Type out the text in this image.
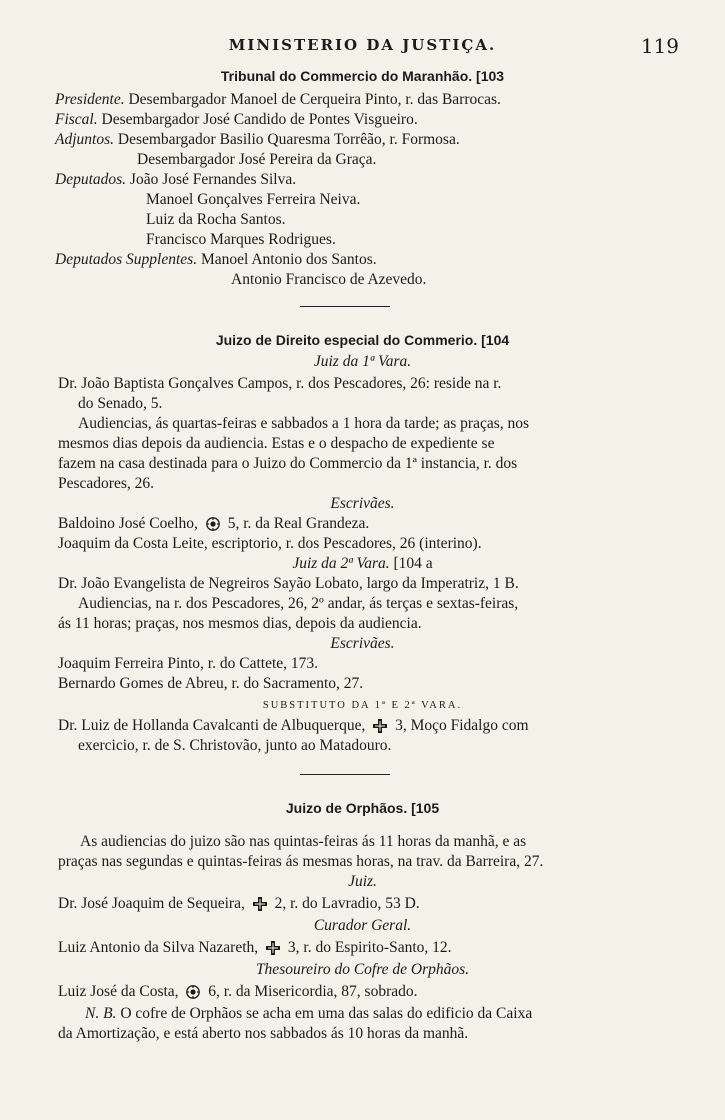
MINISTERIO DA JUSTIÇA.	119
Tribunal do Commercio do Maranhão. [103
Presidente. Desembargador Manoel de Cerqueira Pinto, r. das Barrocas.
Fiscal. Desembargador José Candido de Pontes Visgueiro.
Adjuntos. Desembargador Basilio Quaresma Torrêão, r. Formosa.
Desembargador José Pereira da Graça.
Deputados. João José Fernandes Silva.
Manoel Gonçalves Ferreira Neiva.
Luiz da Rocha Santos.
Francisco Marques Rodrigues.
Deputados Supplentes. Manoel Antonio dos Santos.
Antonio Francisco de Azevedo.
Juizo de Direito especial do Commerio. [104
Juiz da 1ª Vara.
Dr. João Baptista Gonçalves Campos, r. dos Pescadores, 26: reside na r.
do Senado, 5.
Audiencias, ás quartas-feiras e sabbados a 1 hora da tarde; as praças, nos
mesmos dias depois da audiencia. Estas e o despacho de expediente se
fazem na casa destinada para o Juizo do Commercio da 1ª instancia, r. dos
Pescadores, 26.
Escrivães.
Baldoino José Coelho, 5, r. da Real Grandeza.
Joaquim da Costa Leite, escriptorio, r. dos Pescadores, 26 (interino).
Juiz da 2ª Vara. [104 a
Dr. João Evangelista de Negreiros Sayão Lobato, largo da Imperatriz, 1 B.
Audiencias, na r. dos Pescadores, 26, 2º andar, ás terças e sextas-feiras,
ás 11 horas; praças, nos mesmos dias, depois da audiencia.
Escrivães.
Joaquim Ferreira Pinto, r. do Cattete, 173.
Bernardo Gomes de Abreu, r. do Sacramento, 27.
SUBSTITUTO DA 1ª E 2ª VARA.
Dr. Luiz de Hollanda Cavalcanti de Albuquerque, 3, Moço Fidalgo com
exercicio, r. de S. Christovão, junto ao Matadouro.
Juizo de Orphãos. [105
As audiencias do juizo são nas quintas-feiras ás 11 horas da manhã, e as
praças nas segundas e quintas-feiras ás mesmas horas, na trav. da Barreira, 27.
Juiz.
Dr. José Joaquim de Sequeira, 2, r. do Lavradio, 53 D.
Curador Geral.
Luiz Antonio da Silva Nazareth, 3, r. do Espirito-Santo, 12.
Thesoureiro do Cofre de Orphãos.
Luiz José da Costa, 6, r. da Misericordia, 87, sobrado.
N. B. O cofre de Orphãos se acha em uma das salas do edificio da Caixa
da Amortização, e está aberto nos sabbados ás 10 horas da manhã.
